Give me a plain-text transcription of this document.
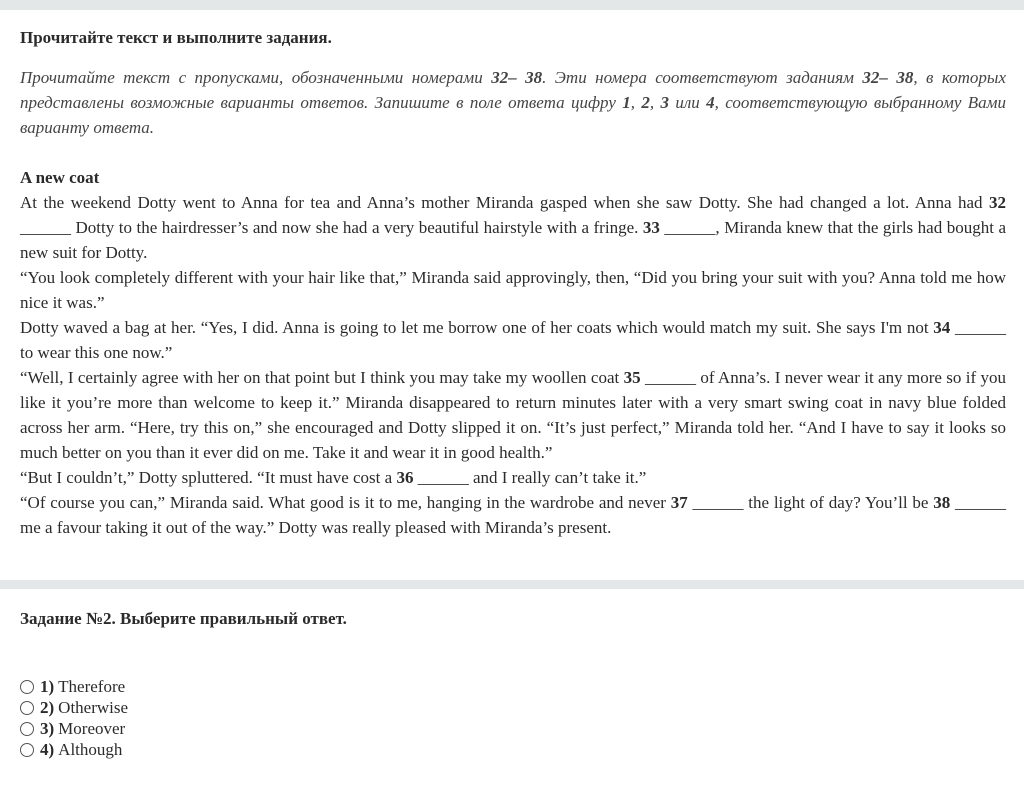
Прочитайте текст и выполните задания.
Прочитайте текст с пропусками, обозначенными номерами 32– 38. Эти номера соответствуют заданиям 32– 38, в которых представлены возможные варианты ответов. Запишите в поле ответа цифру 1, 2, 3 или 4, соответствующую выбранному Вами варианту ответа.

A new coat

At the weekend Dotty went to Anna for tea and Anna’s mother Miranda gasped when she saw Dotty. She had changed a lot. Anna had 32 ______ Dotty to the hairdresser’s and now she had a very beautiful hairstyle with a fringe. 33 ______, Miranda knew that the girls had bought a new suit for Dotty.

“You look completely different with your hair like that,” Miranda said approvingly, then, “Did you bring your suit with you? Anna told me how nice it was.”

Dotty waved a bag at her. “Yes, I did. Anna is going to let me borrow one of her coats which would match my suit. She says I'm not 34 ______ to wear this one now.”

“Well, I certainly agree with her on that point but I think you may take my woollen coat 35 ______ of Anna’s. I never wear it any more so if you like it you’re more than welcome to keep it.” Miranda disappeared to return minutes later with a very smart swing coat in navy blue folded across her arm. “Here, try this on,” she encouraged and Dotty slipped it on. “It’s just perfect,” Miranda told her. “And I have to say it looks so much better on you than it ever did on me. Take it and wear it in good health.”

“But I couldn’t,” Dotty spluttered. “It must have cost a 36 ______ and I really can’t take it.”

“Of course you can,” Miranda said. What good is it to me, hanging in the wardrobe and never 37 ______ the light of day? You’ll be 38 ______ me a favour taking it out of the way.” Dotty was really pleased with Miranda’s present.

Задание №2. Выберите правильный ответ.
1) Therefore
2) Otherwise
3) Moreover
4) Although
